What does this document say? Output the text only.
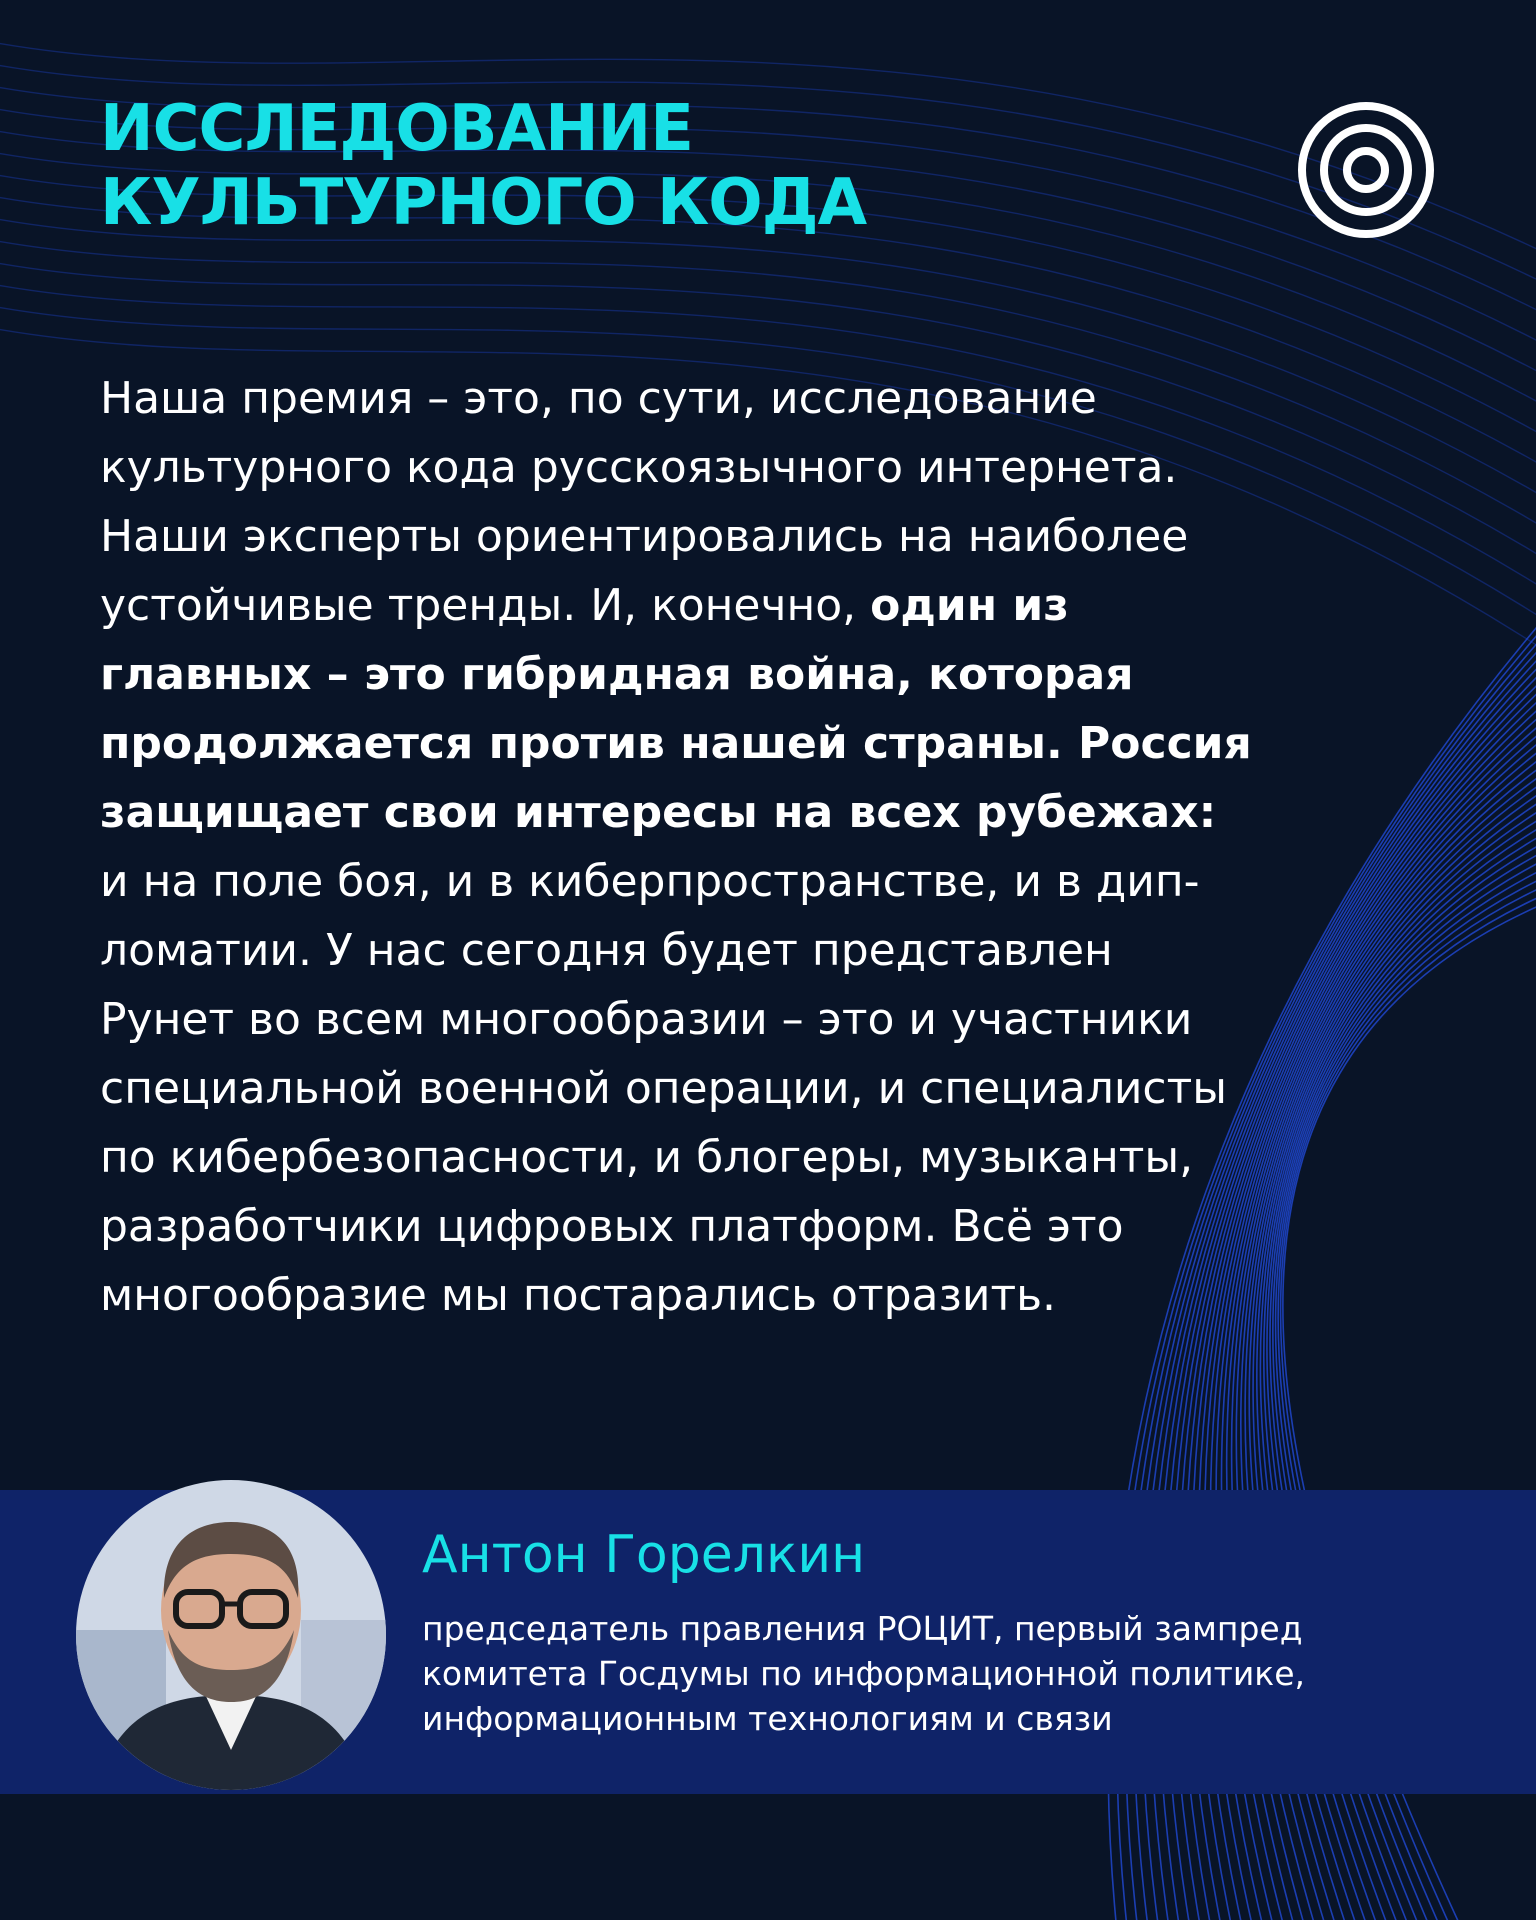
ИССЛЕДОВАНИЕ
КУЛЬТУРНОГО КОДА

Наша премия – это, по сути, исследование
культурного кода русскоязычного интернета.
Наши эксперты ориентировались на наиболее
устойчивые тренды. И, конечно, один из
главных – это гибридная война, которая
продолжается против нашей страны. Россия
защищает свои интересы на всех рубежах:
и на поле боя, и в киберпространстве, и в дип-
ломатии. У нас сегодня будет представлен
Рунет во всем многообразии – это и участники
специальной военной операции, и специалисты
по кибербезопасности, и блогеры, музыканты,
разработчики цифровых платформ. Всё это
многообразие мы постарались отразить.

Антон Горелкин

председатель правления РОЦИТ, первый зампред
комитета Госдумы по информационной политике,
информационным технологиям и связи
